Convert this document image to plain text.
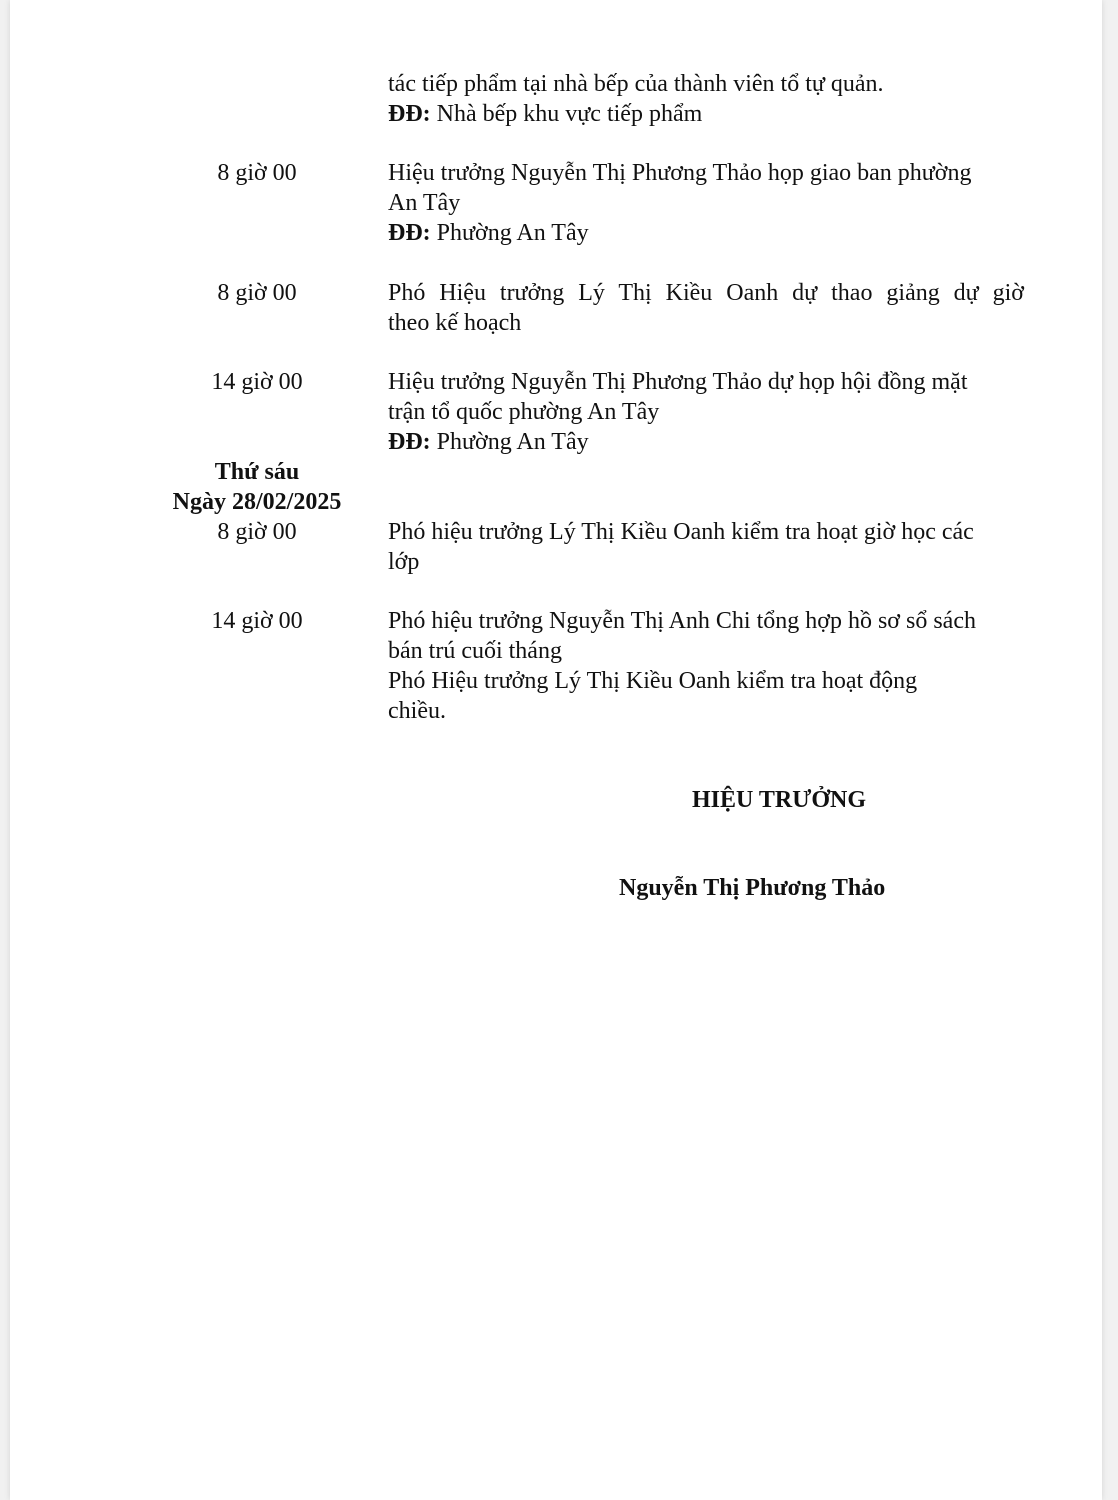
tác tiếp phẩm tại nhà bếp của thành viên tổ tự quản.
ĐĐ: Nhà bếp khu vực tiếp phẩm
8 giờ 00	Hiệu trưởng Nguyễn Thị Phương Thảo họp giao ban phường
An Tây
ĐĐ: Phường An Tây
8 giờ 00	Phó Hiệu trưởng Lý Thị Kiều Oanh dự thao giảng dự giờ
theo kế hoạch
14 giờ 00	Hiệu trưởng Nguyễn Thị Phương Thảo dự họp hội đồng mặt
trận tổ quốc phường An Tây
ĐĐ: Phường An Tây
Thứ sáu
Ngày 28/02/2025
8 giờ 00	Phó hiệu trưởng Lý Thị Kiều Oanh kiểm tra hoạt giờ học các
lớp
14 giờ 00	Phó hiệu trưởng Nguyễn Thị Anh Chi tổng hợp hồ sơ sổ sách
bán trú cuối tháng
Phó Hiệu trưởng Lý Thị Kiều Oanh kiểm tra hoạt động
chiều.
HIỆU TRƯỞNG
Nguyễn Thị Phương Thảo
